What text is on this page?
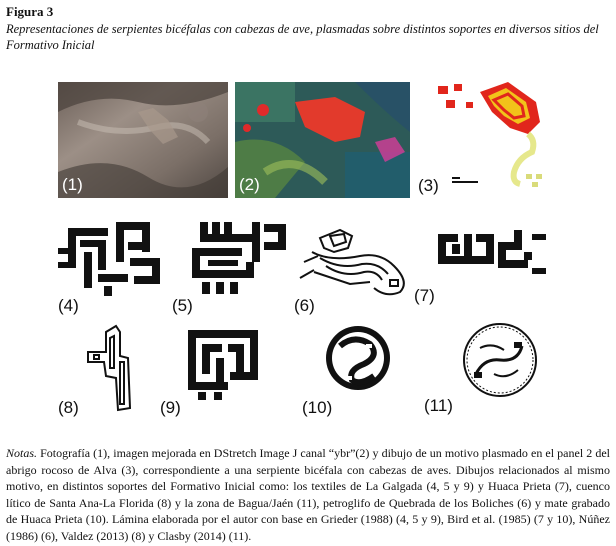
Figura 3
Representaciones de serpientes bicéfalas con cabezas de ave, plasmadas sobre distintos soportes en diversos sitios del Formativo Inicial
(1)	(2)	(3)
(4)	(5)	(6)
(7)
(8)	(9)	(10)	(11)
Notas. Fotografía (1), imagen mejorada en DStretch Image J canal “ybr”(2) y dibujo de un motivo plasmado en el panel 2 del abrigo rocoso de Alva (3), correspondiente a una serpiente bicéfala con cabezas de aves. Dibujos relacionados al mismo motivo, en distintos soportes del Formativo Inicial como: los textiles de La Galgada (4, 5 y 9) y Huaca Prieta (7), cuenco lítico de Santa Ana-La Florida (8) y la zona de Bagua/Jaén (11), petroglifo de Quebrada de los Boliches (6) y mate grabado de Huaca Prieta (10). Lámina elaborada por el autor con base en Grieder (1988) (4, 5 y 9), Bird et al. (1985) (7 y 10), Núñez (1986) (6), Valdez (2013) (8) y Clasby (2014) (11).
